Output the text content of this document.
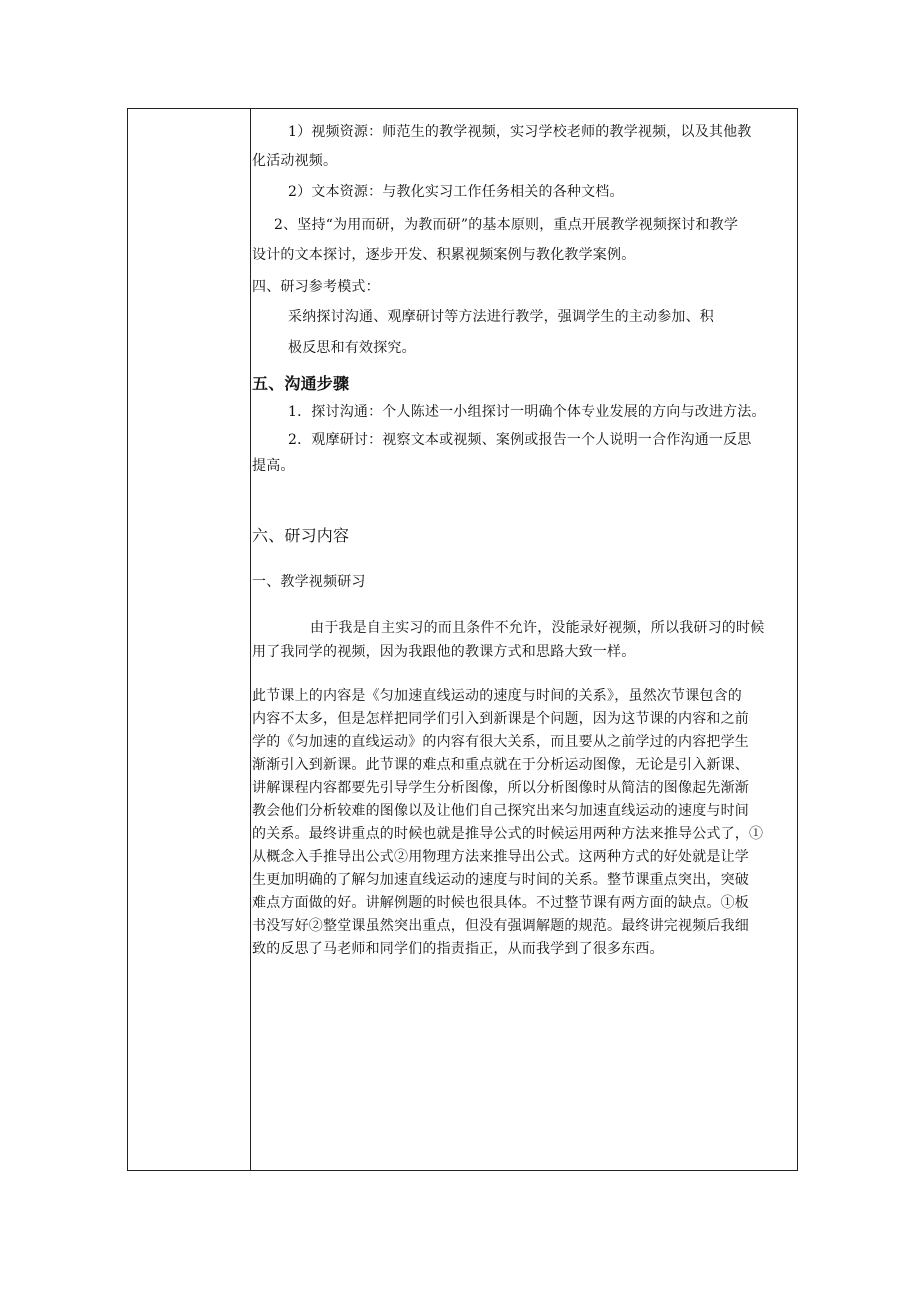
1）视频资源：师范生的教学视频，实习学校老师的教学视频，以及其他教
化活动视频。
2）文本资源：与教化实习工作任务相关的各种文档。
2、坚持“为用而研，为教而研”的基本原则，重点开展教学视频探讨和教学
设计的文本探讨，逐步开发、积累视频案例与教化教学案例。
四、研习参考模式：
采纳探讨沟通、观摩研讨等方法进行教学，强调学生的主动参加、积
极反思和有效探究。
五、沟通步骤
1．探讨沟通：个人陈述一小组探讨一明确个体专业发展的方向与改进方法。
2．观摩研讨：视察文本或视频、案例或报告一个人说明一合作沟通一反思
提高。
六、研习内容
一、教学视频研习
由于我是自主实习的而且条件不允许，没能录好视频，所以我研习的时候
用了我同学的视频，因为我跟他的教课方式和思路大致一样。
此节课上的内容是《匀加速直线运动的速度与时间的关系》，虽然次节课包含的
内容不太多，但是怎样把同学们引入到新课是个问题，因为这节课的内容和之前
学的《匀加速的直线运动》的内容有很大关系，而且要从之前学过的内容把学生
渐渐引入到新课。此节课的难点和重点就在于分析运动图像，无论是引入新课、
讲解课程内容都要先引导学生分析图像，所以分析图像时从简洁的图像起先渐渐
教会他们分析较难的图像以及让他们自己探究出来匀加速直线运动的速度与时间
的关系。最终讲重点的时候也就是推导公式的时候运用两种方法来推导公式了，①
从概念入手推导出公式②用物理方法来推导出公式。这两种方式的好处就是让学
生更加明确的了解匀加速直线运动的速度与时间的关系。整节课重点突出，突破
难点方面做的好。讲解例题的时候也很具体。不过整节课有两方面的缺点。①板
书没写好②整堂课虽然突出重点，但没有强调解题的规范。最终讲完视频后我细
致的反思了马老师和同学们的指责指正，从而我学到了很多东西。
